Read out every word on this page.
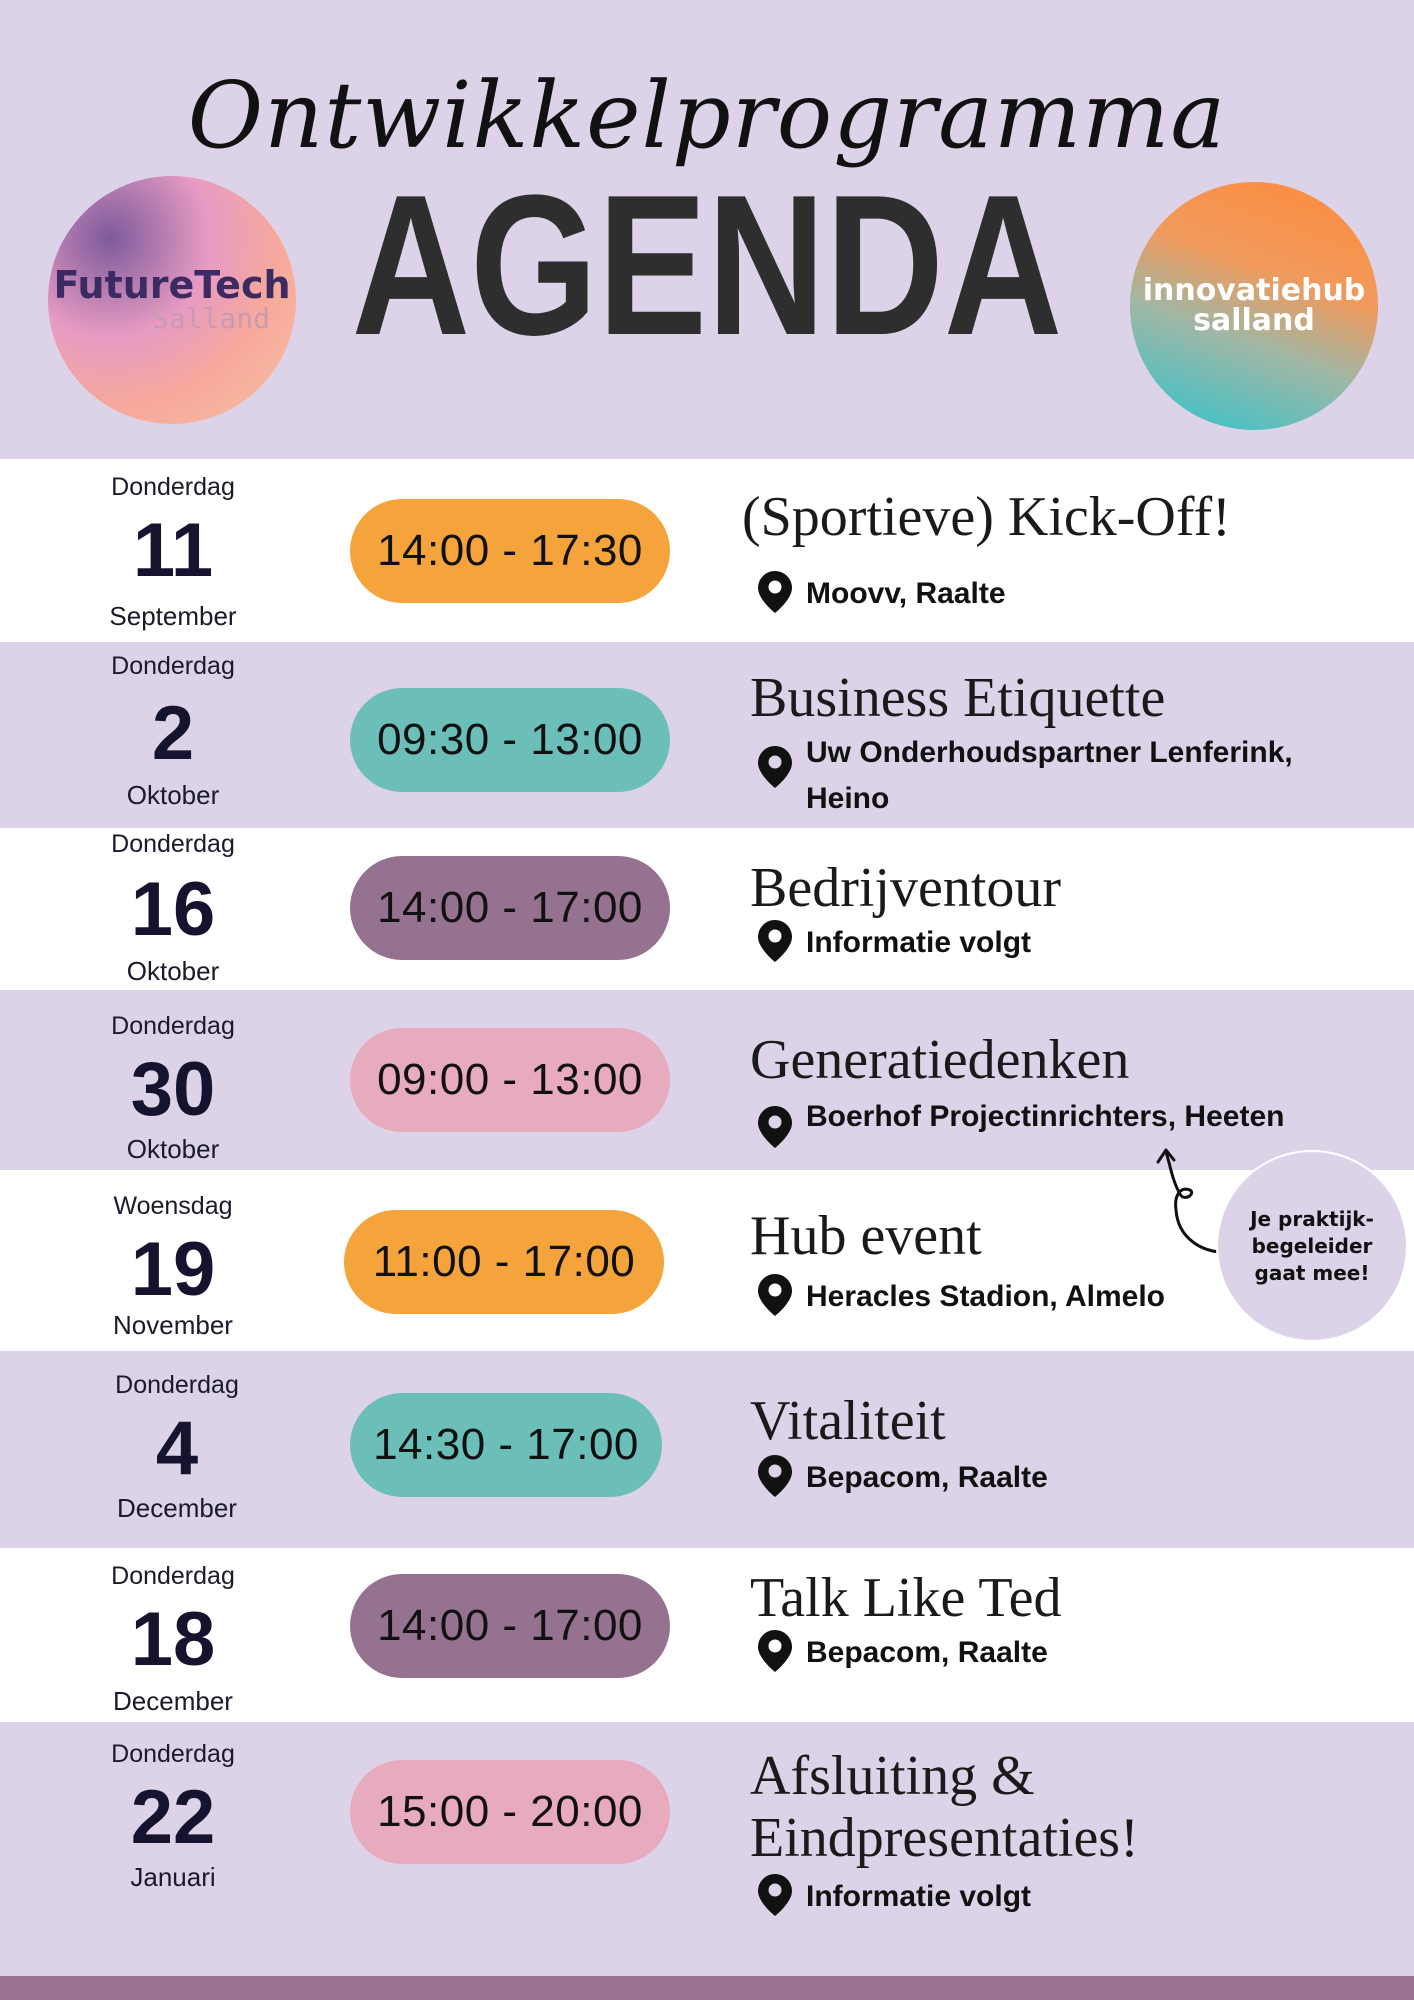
Ontwikkelprogramma
AGENDA
FutureTech
Salland
innovatiehub
salland
Donderdag
11
September
14:00 - 17:30
(Sportieve) Kick-Off!
Moovv, Raalte
Donderdag
2
Oktober
09:30 - 13:00
Business Etiquette
Uw Onderhoudspartner Lenferink, Heino
Donderdag
16
Oktober
14:00 - 17:00	Bedrijventour
Informatie volgt
Donderdag
30
Oktober
09:00 - 13:00	Generatiedenken
Boerhof Projectinrichters, Heeten
Woensdag
19
November
11:00 - 17:00	Hub event
Heracles Stadion, Almelo
Donderdag
4
December
14:30 - 17:00	Vitaliteit
Bepacom, Raalte
Donderdag
18
December
14:00 - 17:00	Talk Like Ted
Bepacom, Raalte
Donderdag
22
Januari
15:00 - 20:00
Afsluiting & Eindpresentaties!
Informatie volgt
Je praktijk- begeleider gaat mee!
